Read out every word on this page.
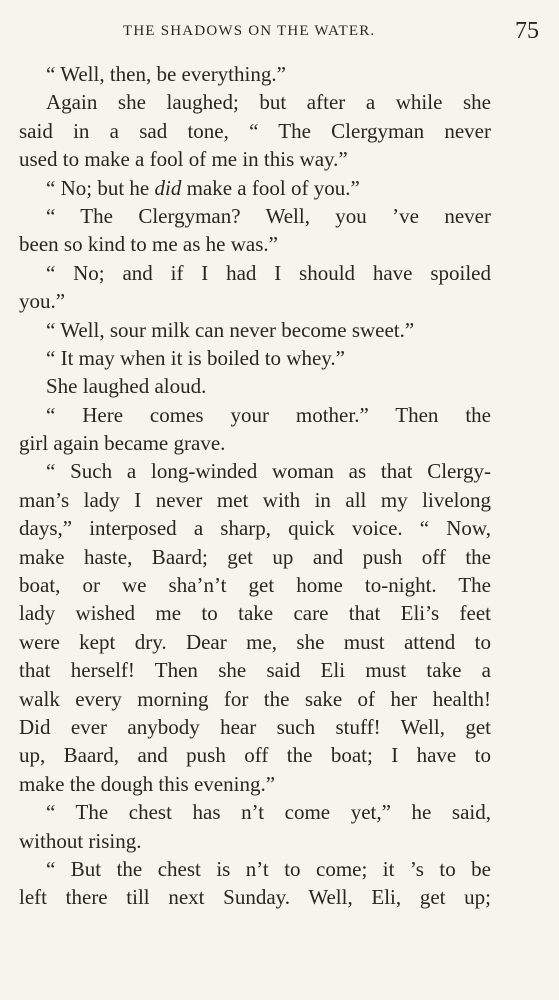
THE SHADOWS ON THE WATER.	75
“ Well, then, be everything.”
Again she laughed; but after a while she
said in a sad tone, “ The Clergyman never
used to make a fool of me in this way.”
“ No; but he did make a fool of you.”
“ The Clergyman? Well, you ’ve never
been so kind to me as he was.”
“ No; and if I had I should have spoiled
you.”
“ Well, sour milk can never become sweet.”
“ It may when it is boiled to whey.”
She laughed aloud.
“ Here comes your mother.” Then the
girl again became grave.
“ Such a long-winded woman as that Clergy-
man’s lady I never met with in all my livelong
days,” interposed a sharp, quick voice. “ Now,
make haste, Baard; get up and push off the
boat, or we sha’n’t get home to-night. The
lady wished me to take care that Eli’s feet
were kept dry. Dear me, she must attend to
that herself! Then she said Eli must take a
walk every morning for the sake of her health!
Did ever anybody hear such stuff! Well, get
up, Baard, and push off the boat; I have to
make the dough this evening.”
“ The chest has n’t come yet,” he said,
without rising.
“ But the chest is n’t to come; it ’s to be
left there till next Sunday. Well, Eli, get up;
